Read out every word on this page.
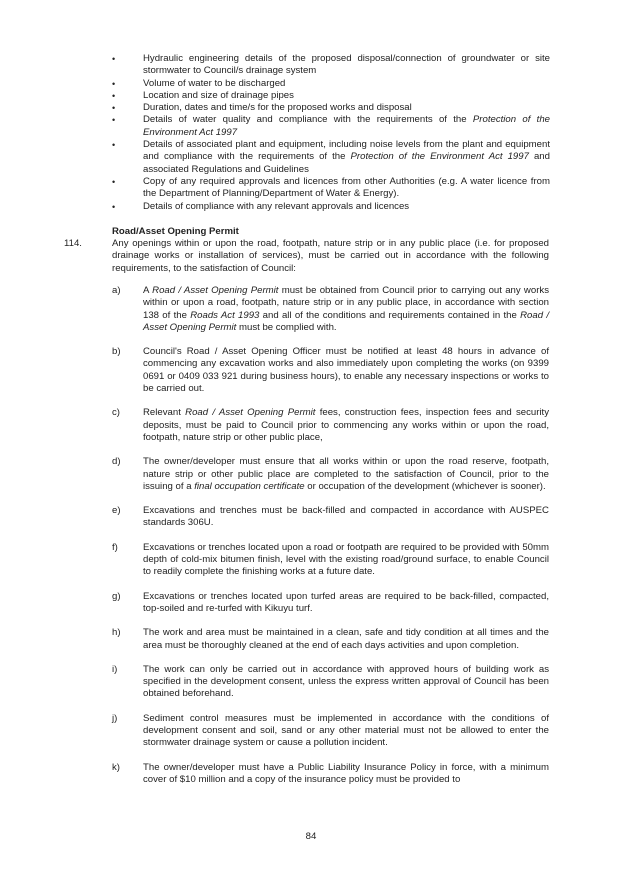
• Hydraulic engineering details of the proposed disposal/connection of groundwater or site stormwater to Council/s drainage system
• Volume of water to be discharged
• Location and size of drainage pipes
• Duration, dates and time/s for the proposed works and disposal
• Details of water quality and compliance with the requirements of the Protection of the Environment Act 1997
• Details of associated plant and equipment, including noise levels from the plant and equipment and compliance with the requirements of the Protection of the Environment Act 1997 and associated Regulations and Guidelines
• Copy of any required approvals and licences from other Authorities (e.g. A water licence from the Department of Planning/Department of Water & Energy).
• Details of compliance with any relevant approvals and licences
Road/Asset Opening Permit
114.	Any openings within or upon the road, footpath, nature strip or in any public place (i.e. for proposed drainage works or installation of services), must be carried out in accordance with the following requirements, to the satisfaction of Council:
a) A Road / Asset Opening Permit must be obtained from Council prior to carrying out any works within or upon a road, footpath, nature strip or in any public place, in accordance with section 138 of the Roads Act 1993 and all of the conditions and requirements contained in the Road / Asset Opening Permit must be complied with.
b) Council's Road / Asset Opening Officer must be notified at least 48 hours in advance of commencing any excavation works and also immediately upon completing the works (on 9399 0691 or 0409 033 921 during business hours), to enable any necessary inspections or works to be carried out.
c) Relevant Road / Asset Opening Permit fees, construction fees, inspection fees and security deposits, must be paid to Council prior to commencing any works within or upon the road, footpath, nature strip or other public place,
d) The owner/developer must ensure that all works within or upon the road reserve, footpath, nature strip or other public place are completed to the satisfaction of Council, prior to the issuing of a final occupation certificate or occupation of the development (whichever is sooner).
e) Excavations and trenches must be back-filled and compacted in accordance with AUSPEC standards 306U.
f)	Excavations or trenches located upon a road or footpath are required to be provided with 50mm depth of cold-mix bitumen finish, level with the existing road/ground surface, to enable Council to readily complete the finishing works at a future date.
g) Excavations or trenches located upon turfed areas are required to be back-filled, compacted, top-soiled and re-turfed with Kikuyu turf.
h) The work and area must be maintained in a clean, safe and tidy condition at all times and the area must be thoroughly cleaned at the end of each days activities and upon completion.
i)	The work can only be carried out in accordance with approved hours of building work as specified in the development consent, unless the express written approval of Council has been obtained beforehand.
j)	Sediment control measures must be implemented in accordance with the conditions of development consent and soil, sand or any other material must not be allowed to enter the stormwater drainage system or cause a pollution incident.
k) The owner/developer must have a Public Liability Insurance Policy in force, with a minimum cover of $10 million and a copy of the insurance policy must be provided to
84
